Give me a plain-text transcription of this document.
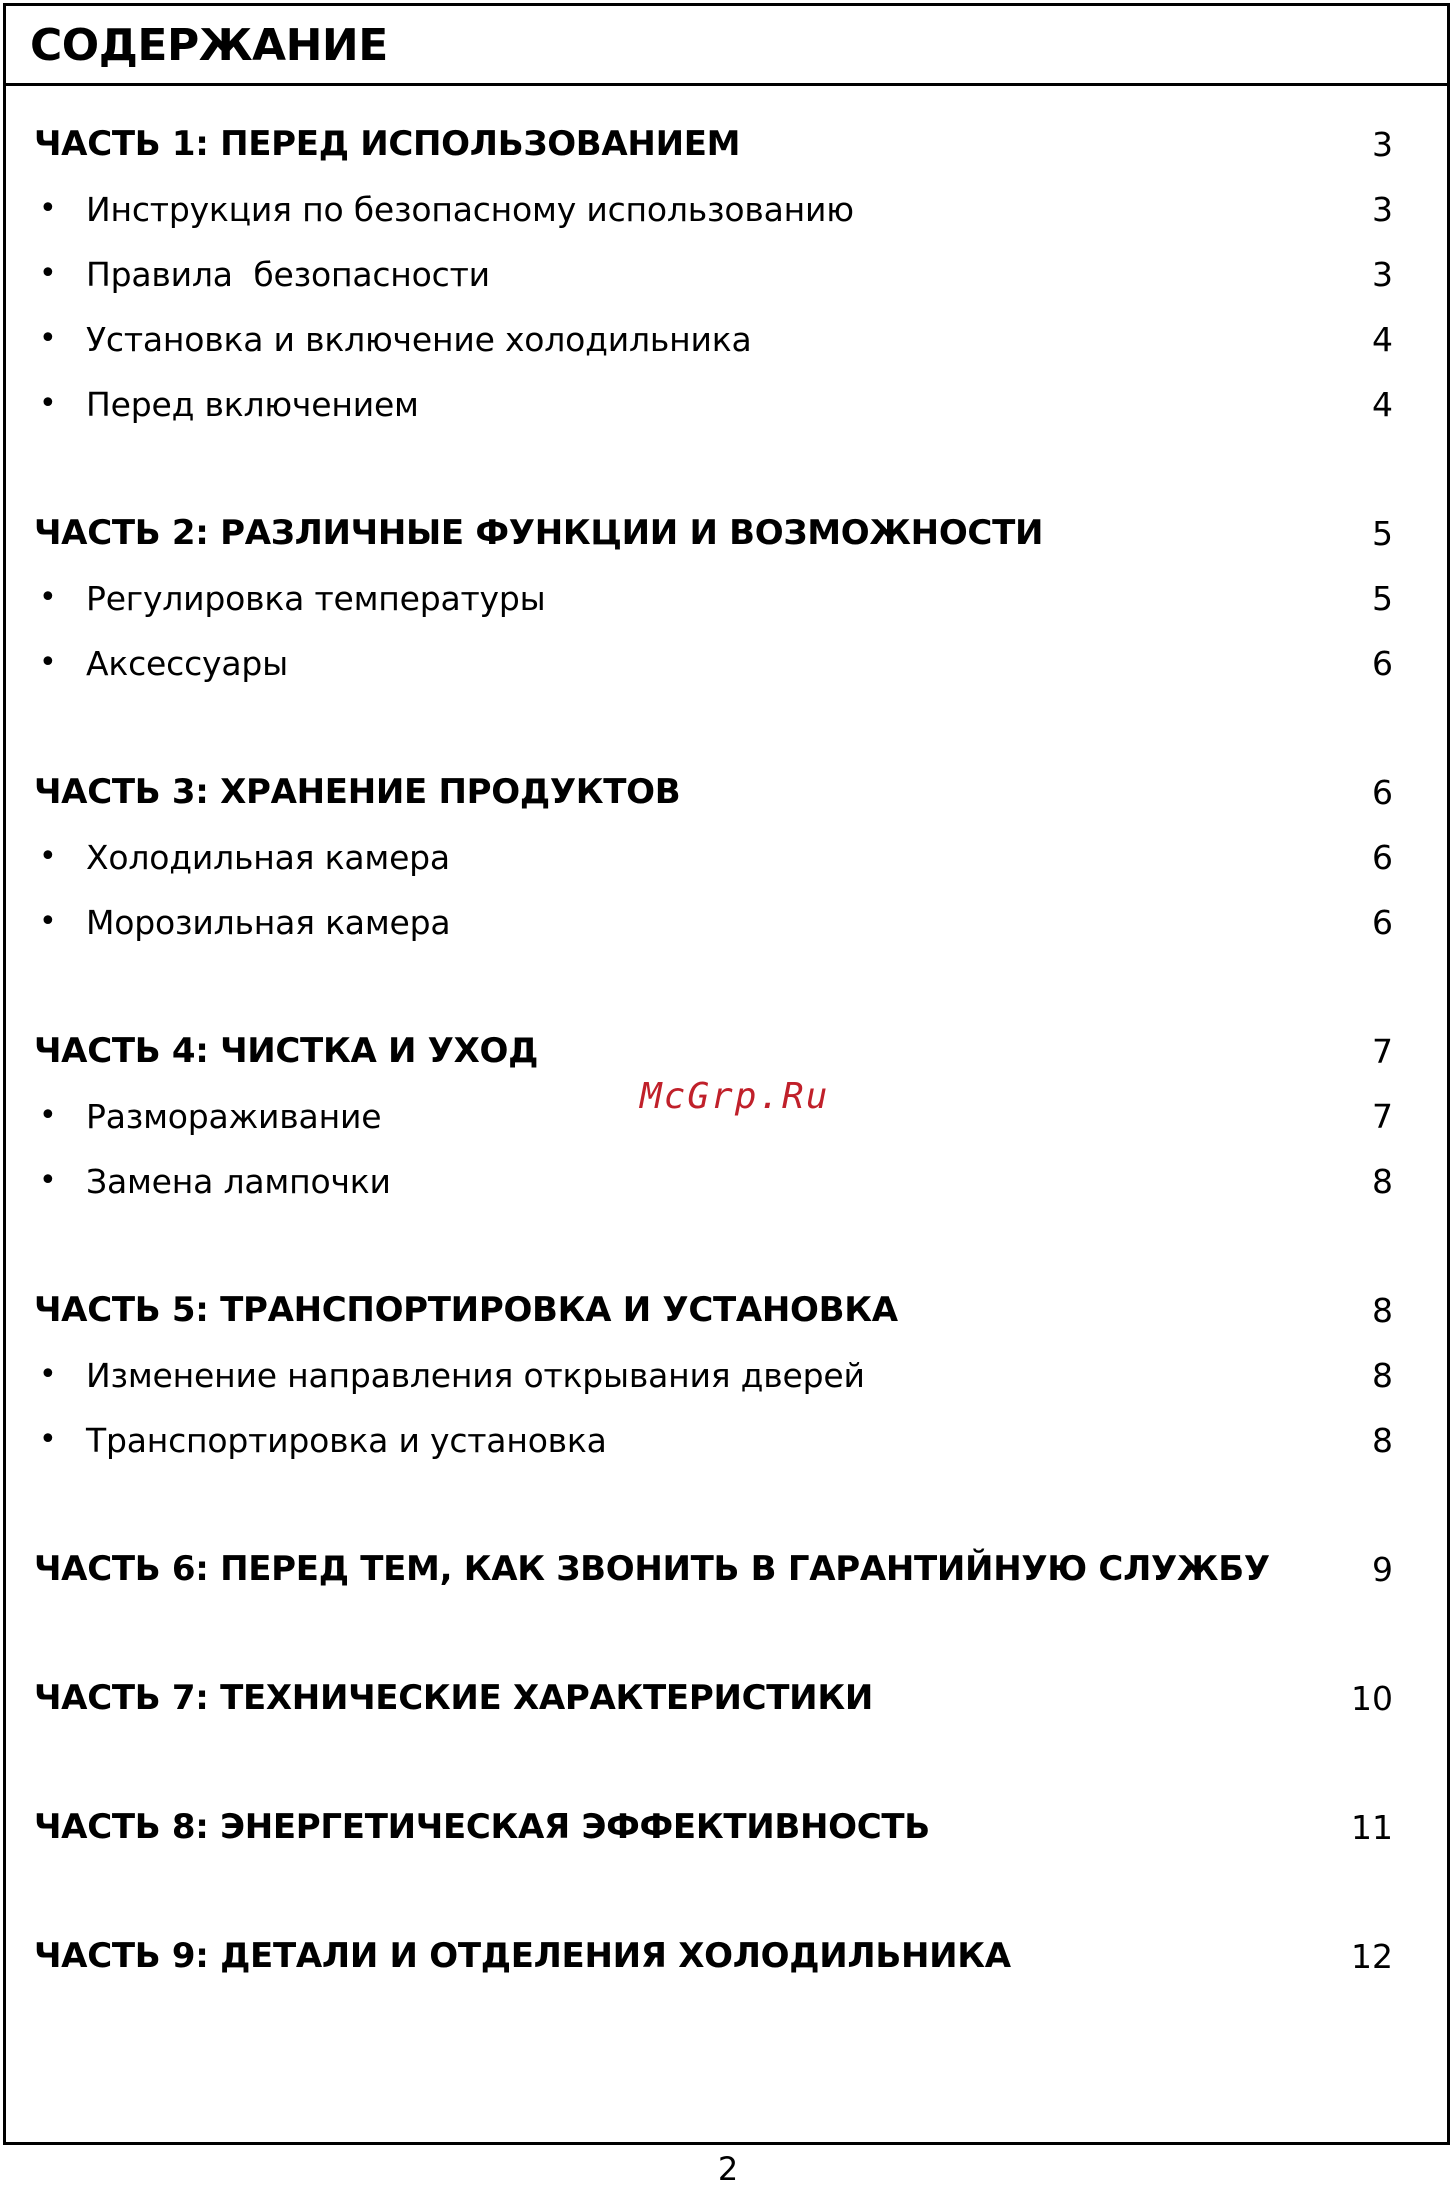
СОДЕРЖАНИЕ
ЧАСТЬ 1: ПЕРЕД ИСПОЛЬЗОВАНИЕМ	3
• Инструкция по безопасному использованию	3
• Правила  безопасности	3
• Установка и включение холодильника	4
• Перед включением	4
ЧАСТЬ 2: РАЗЛИЧНЫЕ ФУНКЦИИ И ВОЗМОЖНОСТИ	5
• Регулировка температуры	5
• Аксессуары	6
ЧАСТЬ 3: ХРАНЕНИЕ ПРОДУКТОВ	6
• Холодильная камера	6
• Морозильная камера	6
ЧАСТЬ 4: ЧИСТКА И УХОД	7
• Размораживание	7
• Замена лампочки	8
ЧАСТЬ 5: ТРАНСПОРТИРОВКА И УСТАНОВКА	8
• Изменение направления открывания дверей	8
• Транспортировка и установка	8
ЧАСТЬ 6: ПЕРЕД ТЕМ, КАК ЗВОНИТЬ В ГАРАНТИЙНУЮ СЛУЖБУ	9
ЧАСТЬ 7: ТЕХНИЧЕСКИЕ ХАРАКТЕРИСТИКИ	10
ЧАСТЬ 8: ЭНЕРГЕТИЧЕСКАЯ ЭФФЕКТИВНОСТЬ	11
ЧАСТЬ 9: ДЕТАЛИ И ОТДЕЛЕНИЯ ХОЛОДИЛЬНИКА	12
McGrp.Ru
2
